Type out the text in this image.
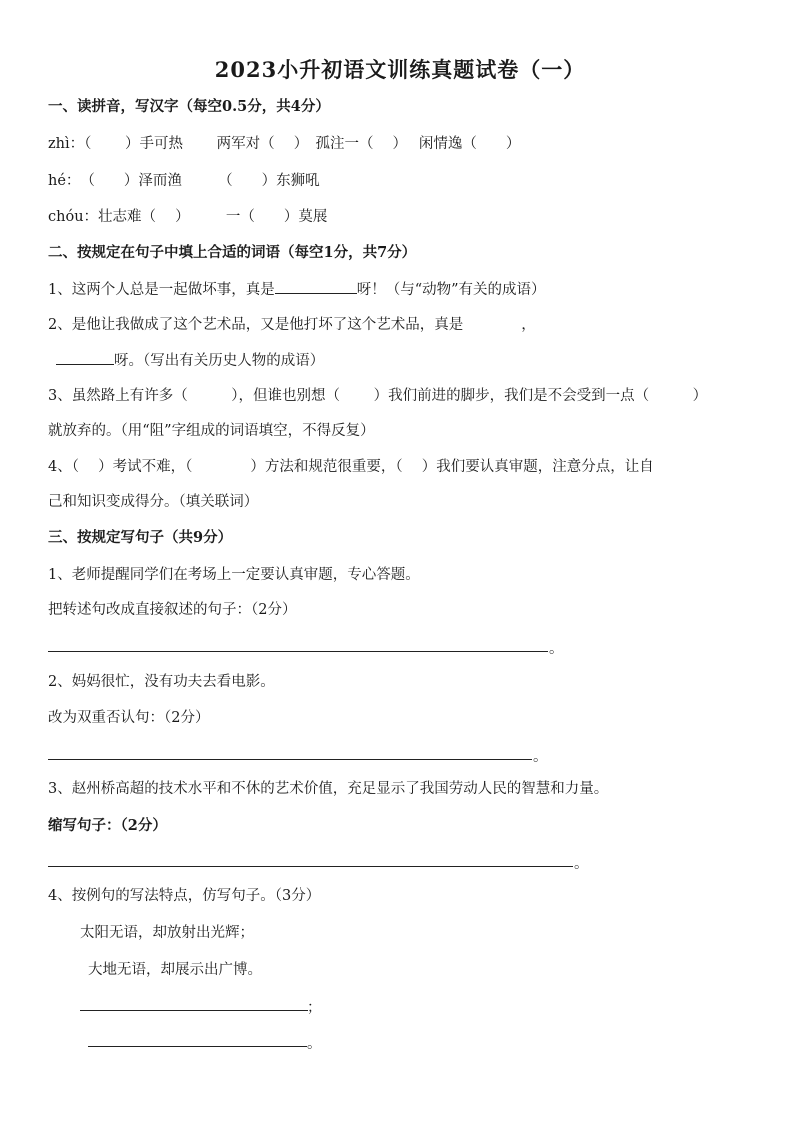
2023小升初语文训练真题试卷（一）
一、读拼音，写汉字（每空0.5分，共4分）
zhì：（　　 ）手可热　　 两军对（　 ）　孤注一（　 ）　 闲情逸（　　）
hé：　（　　）泽而渔　　　（　　）东狮吼
chóu：壮志难（　 ）　　　一（　　）莫展
二、按规定在句子中填上合适的词语（每空1分，共7分）
1、这两个人总是一起做坏事，真是	呀！（与“动物”有关的成语）
2、是他让我做成了这个艺术品，又是他打坏了这个艺术品，真是　　　　，
呀。（写出有关历史人物的成语）
3、虽然路上有许多（　　　），但谁也别想（　　 ）我们前进的脚步，我们是不会受到一点（　　　）
就放弃的。（用“阻”字组成的词语填空，不得反复）
4、（　 ）考试不难，（　　　　）方法和规范很重要，（　 ）我们要认真审题，注意分点，让自
己和知识变成得分。（填关联词）
三、按规定写句子（共9分）
1、老师提醒同学们在考场上一定要认真审题，专心答题。
把转述句改成直接叙述的句子：（2分）
。
2、妈妈很忙，没有功夫去看电影。
改为双重否认句：（2分）
。
3、赵州桥高超的技术水平和不休的艺术价值，充足显示了我国劳动人民的智慧和力量。
缩写句子：（2分）
。
4、按例句的写法特点，仿写句子。（3分）
太阳无语，却放射出光辉；
大地无语，却展示出广博。
；
。
